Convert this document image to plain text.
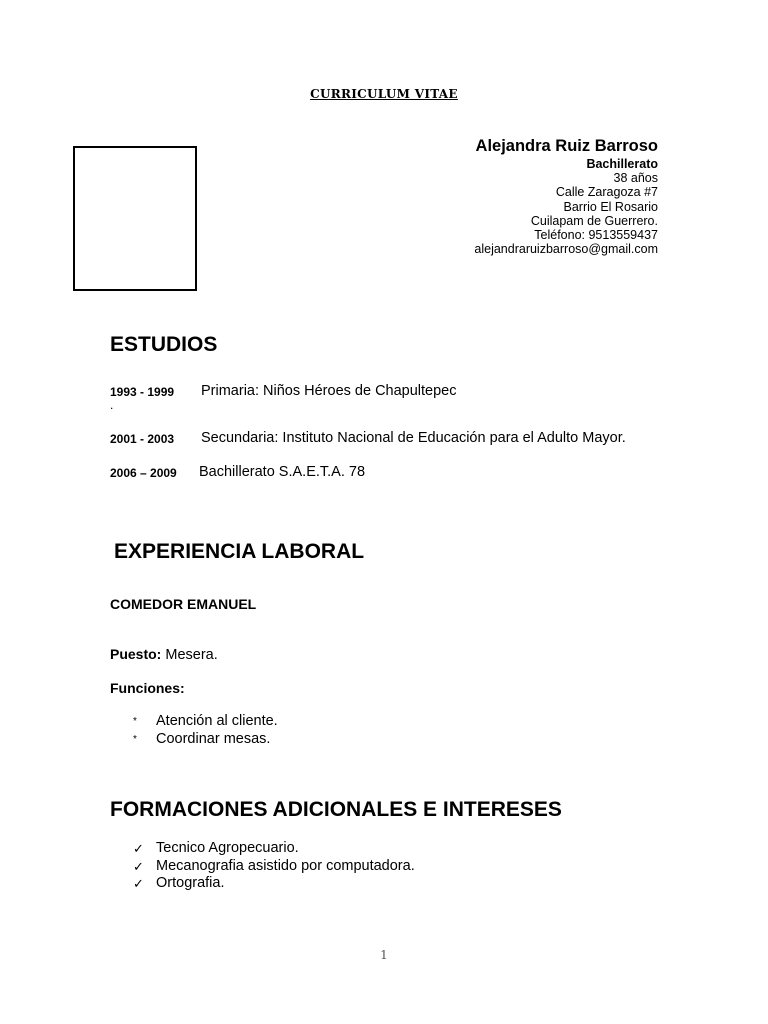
CURRICULUM VITAE
Alejandra Ruiz Barroso
Bachillerato
38 años
Calle Zaragoza #7
Barrio El Rosario
Cuilapam de Guerrero.
Teléfono: 9513559437
alejandraruizbarroso@gmail.com
ESTUDIOS
1993 - 1999 Primaria: Niños Héroes de Chapultepec
.
2001 - 2003 Secundaria: Instituto Nacional de Educación para el Adulto Mayor.
2006 – 2009 Bachillerato S.A.E.T.A. 78
EXPERIENCIA LABORAL
COMEDOR EMANUEL
Puesto: Mesera.
Funciones:
*	Atención al cliente.
*	Coordinar mesas.
FORMACIONES ADICIONALES E INTERESES
✓ Tecnico Agropecuario.
✓ Mecanografia asistido por computadora.
✓ Ortografia.
1
